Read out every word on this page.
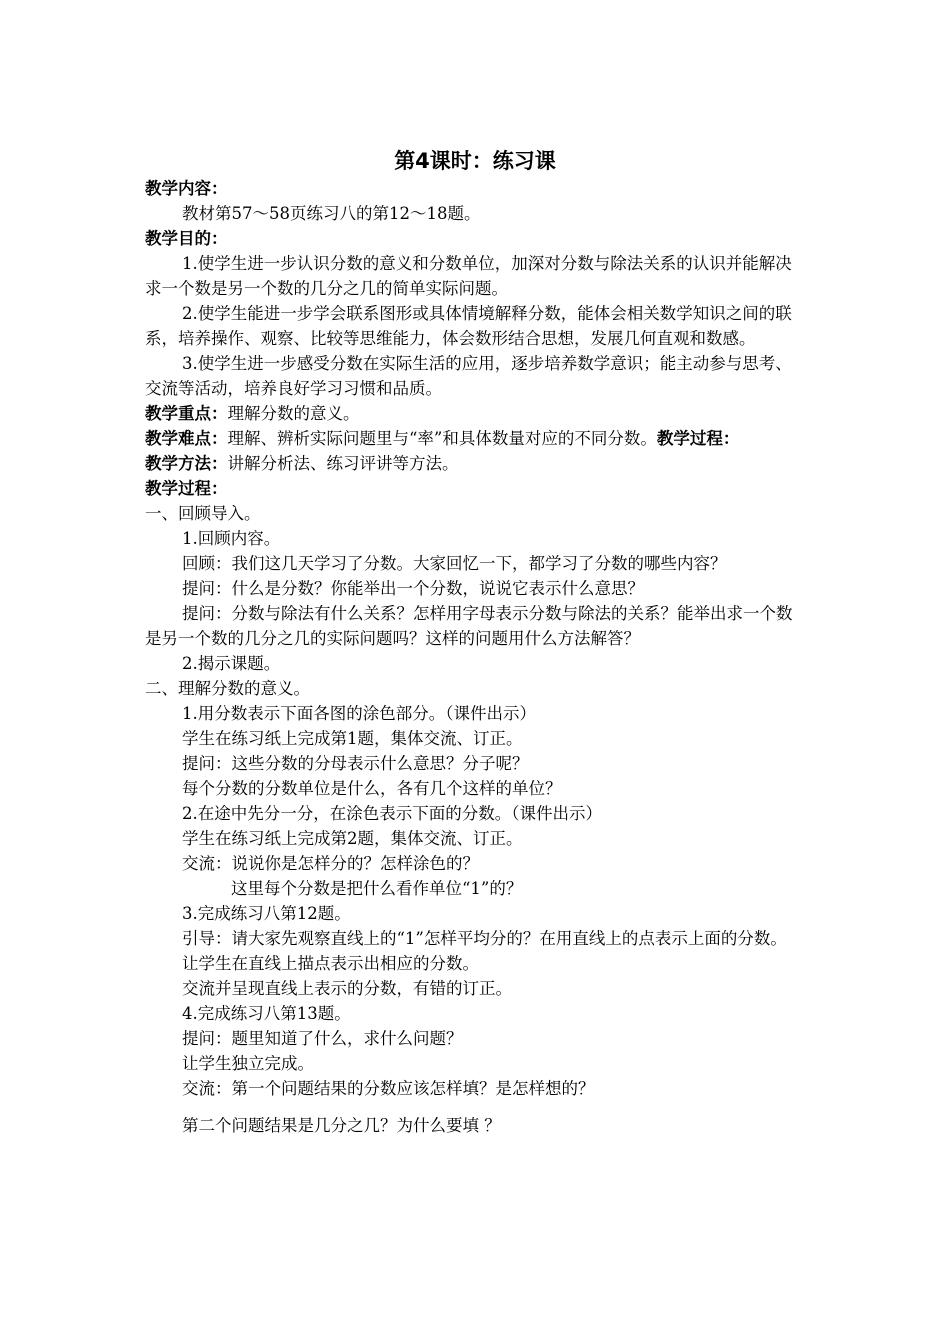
第4课时：练习课

教学内容：

教材第57～58页练习八的第12～18题。

教学目的：

1.使学生进一步认识分数的意义和分数单位，加深对分数与除法关系的认识并能解决求一个数是另一个数的几分之几的简单实际问题。

2.使学生能进一步学会联系图形或具体情境解释分数，能体会相关数学知识之间的联系，培养操作、观察、比较等思维能力，体会数形结合思想，发展几何直观和数感。

3.使学生进一步感受分数在实际生活的应用，逐步培养数学意识；能主动参与思考、交流等活动，培养良好学习习惯和品质。

教学重点：理解分数的意义。

教学难点：理解、辨析实际问题里与“率”和具体数量对应的不同分数。教学过程：

教学方法：讲解分析法、练习评讲等方法。

教学过程：

一、回顾导入。

1.回顾内容。

回顾：我们这几天学习了分数。大家回忆一下，都学习了分数的哪些内容？

提问：什么是分数？你能举出一个分数，说说它表示什么意思？

提问：分数与除法有什么关系？怎样用字母表示分数与除法的关系？能举出求一个数是另一个数的几分之几的实际问题吗？这样的问题用什么方法解答？

2.揭示课题。

二、理解分数的意义。

1.用分数表示下面各图的涂色部分。（课件出示）

学生在练习纸上完成第1题，集体交流、订正。

提问：这些分数的分母表示什么意思？分子呢？

每个分数的分数单位是什么，各有几个这样的单位？

2.在途中先分一分，在涂色表示下面的分数。（课件出示）

学生在练习纸上完成第2题，集体交流、订正。

交流：说说你是怎样分的？怎样涂色的？

这里每个分数是把什么看作单位“1”的？

3.完成练习八第12题。

引导：请大家先观察直线上的“1”怎样平均分的？在用直线上的点表示上面的分数。

让学生在直线上描点表示出相应的分数。

交流并呈现直线上表示的分数，有错的订正。

4.完成练习八第13题。

提问：题里知道了什么，求什么问题？

让学生独立完成。

交流：第一个问题结果的分数应该怎样填？是怎样想的？

第二个问题结果是几分之几？为什么要填 ？
